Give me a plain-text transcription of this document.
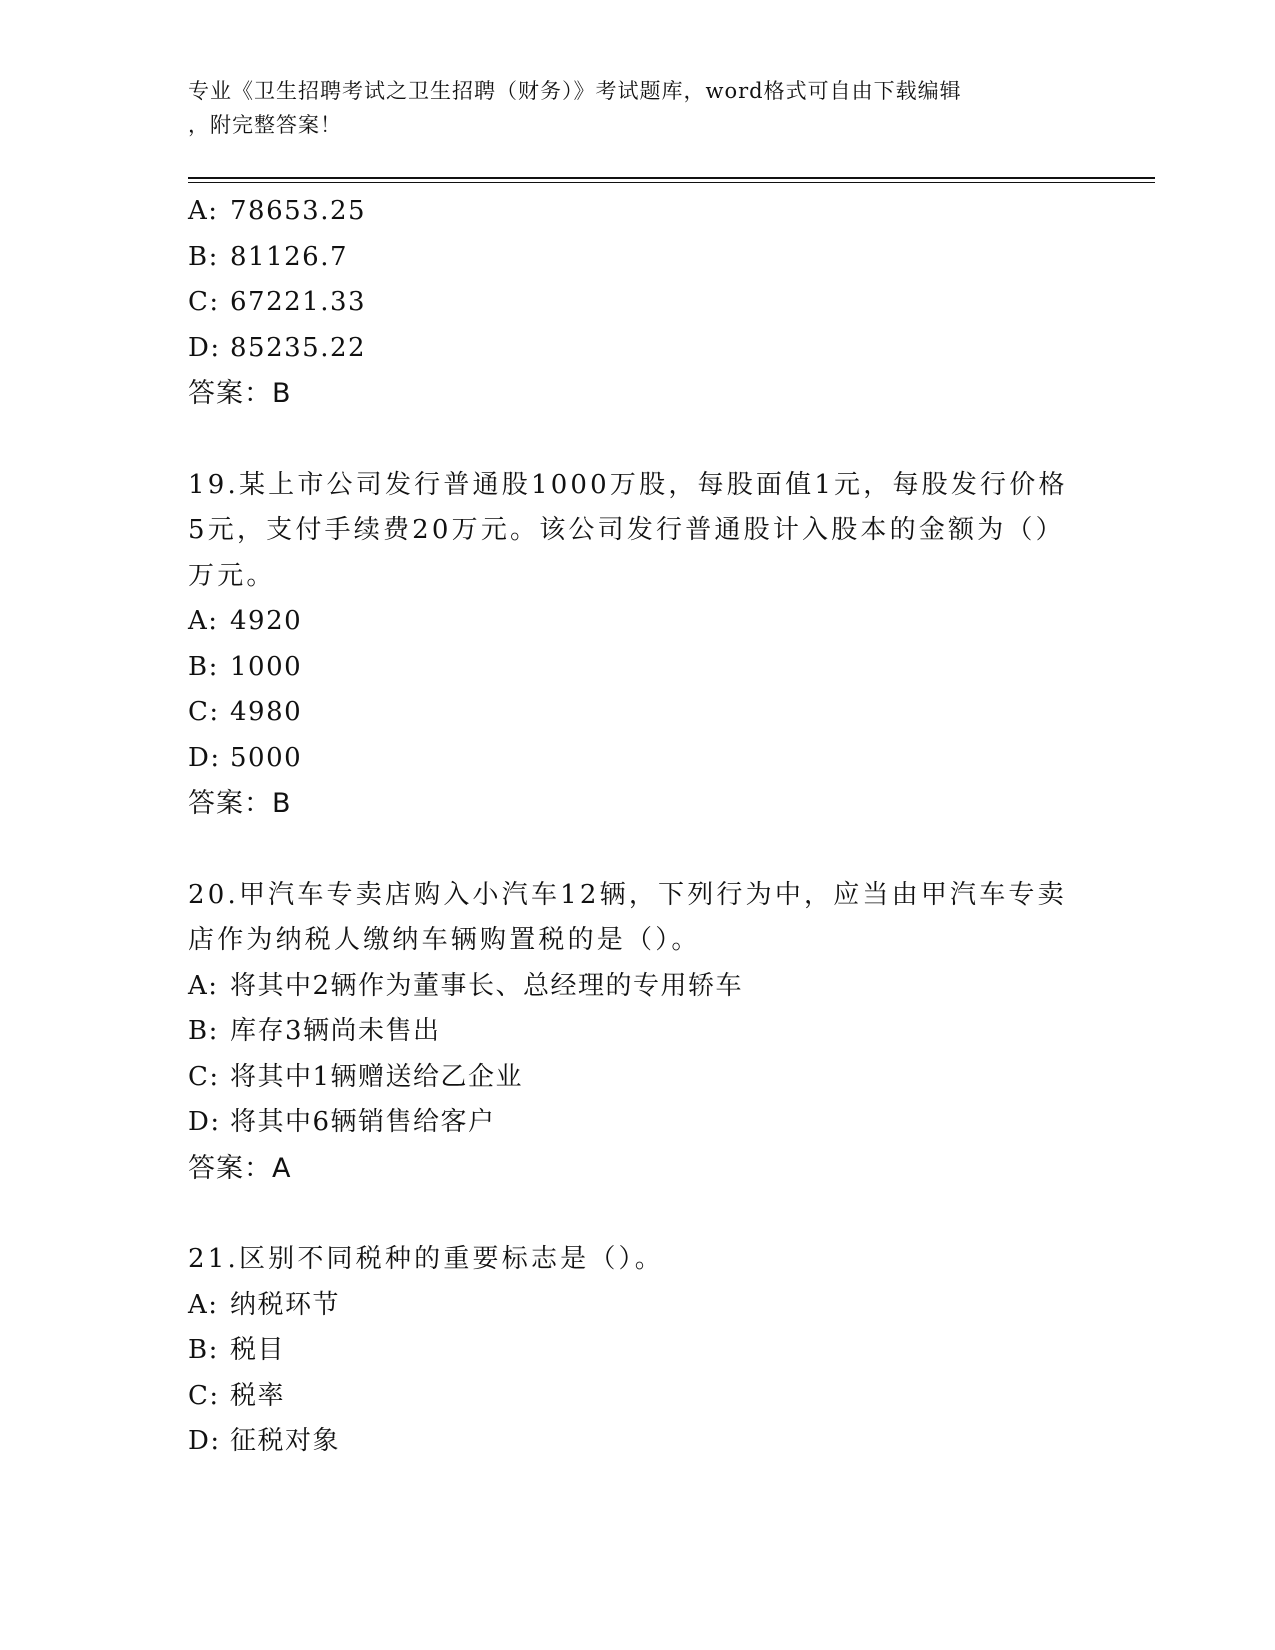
专业《卫生招聘考试之卫生招聘（财务）》考试题库，word格式可自由下载编辑
，附完整答案！
A: 78653.25
B: 81126.7
C: 67221.33
D: 85235.22
答案：B
19.某上市公司发行普通股1000万股，每股面值1元，每股发行价格5元，支付手续费20万元。该公司发行普通股计入股本的金额为（）万元。
A: 4920
B: 1000
C: 4980
D: 5000
答案：B
20.甲汽车专卖店购入小汽车12辆，下列行为中，应当由甲汽车专卖店作为纳税人缴纳车辆购置税的是（）。
A: 将其中2辆作为董事长、总经理的专用轿车
B: 库存3辆尚未售出
C: 将其中1辆赠送给乙企业
D: 将其中6辆销售给客户
答案：A
21.区别不同税种的重要标志是（）。
A: 纳税环节
B: 税目
C: 税率
D: 征税对象
